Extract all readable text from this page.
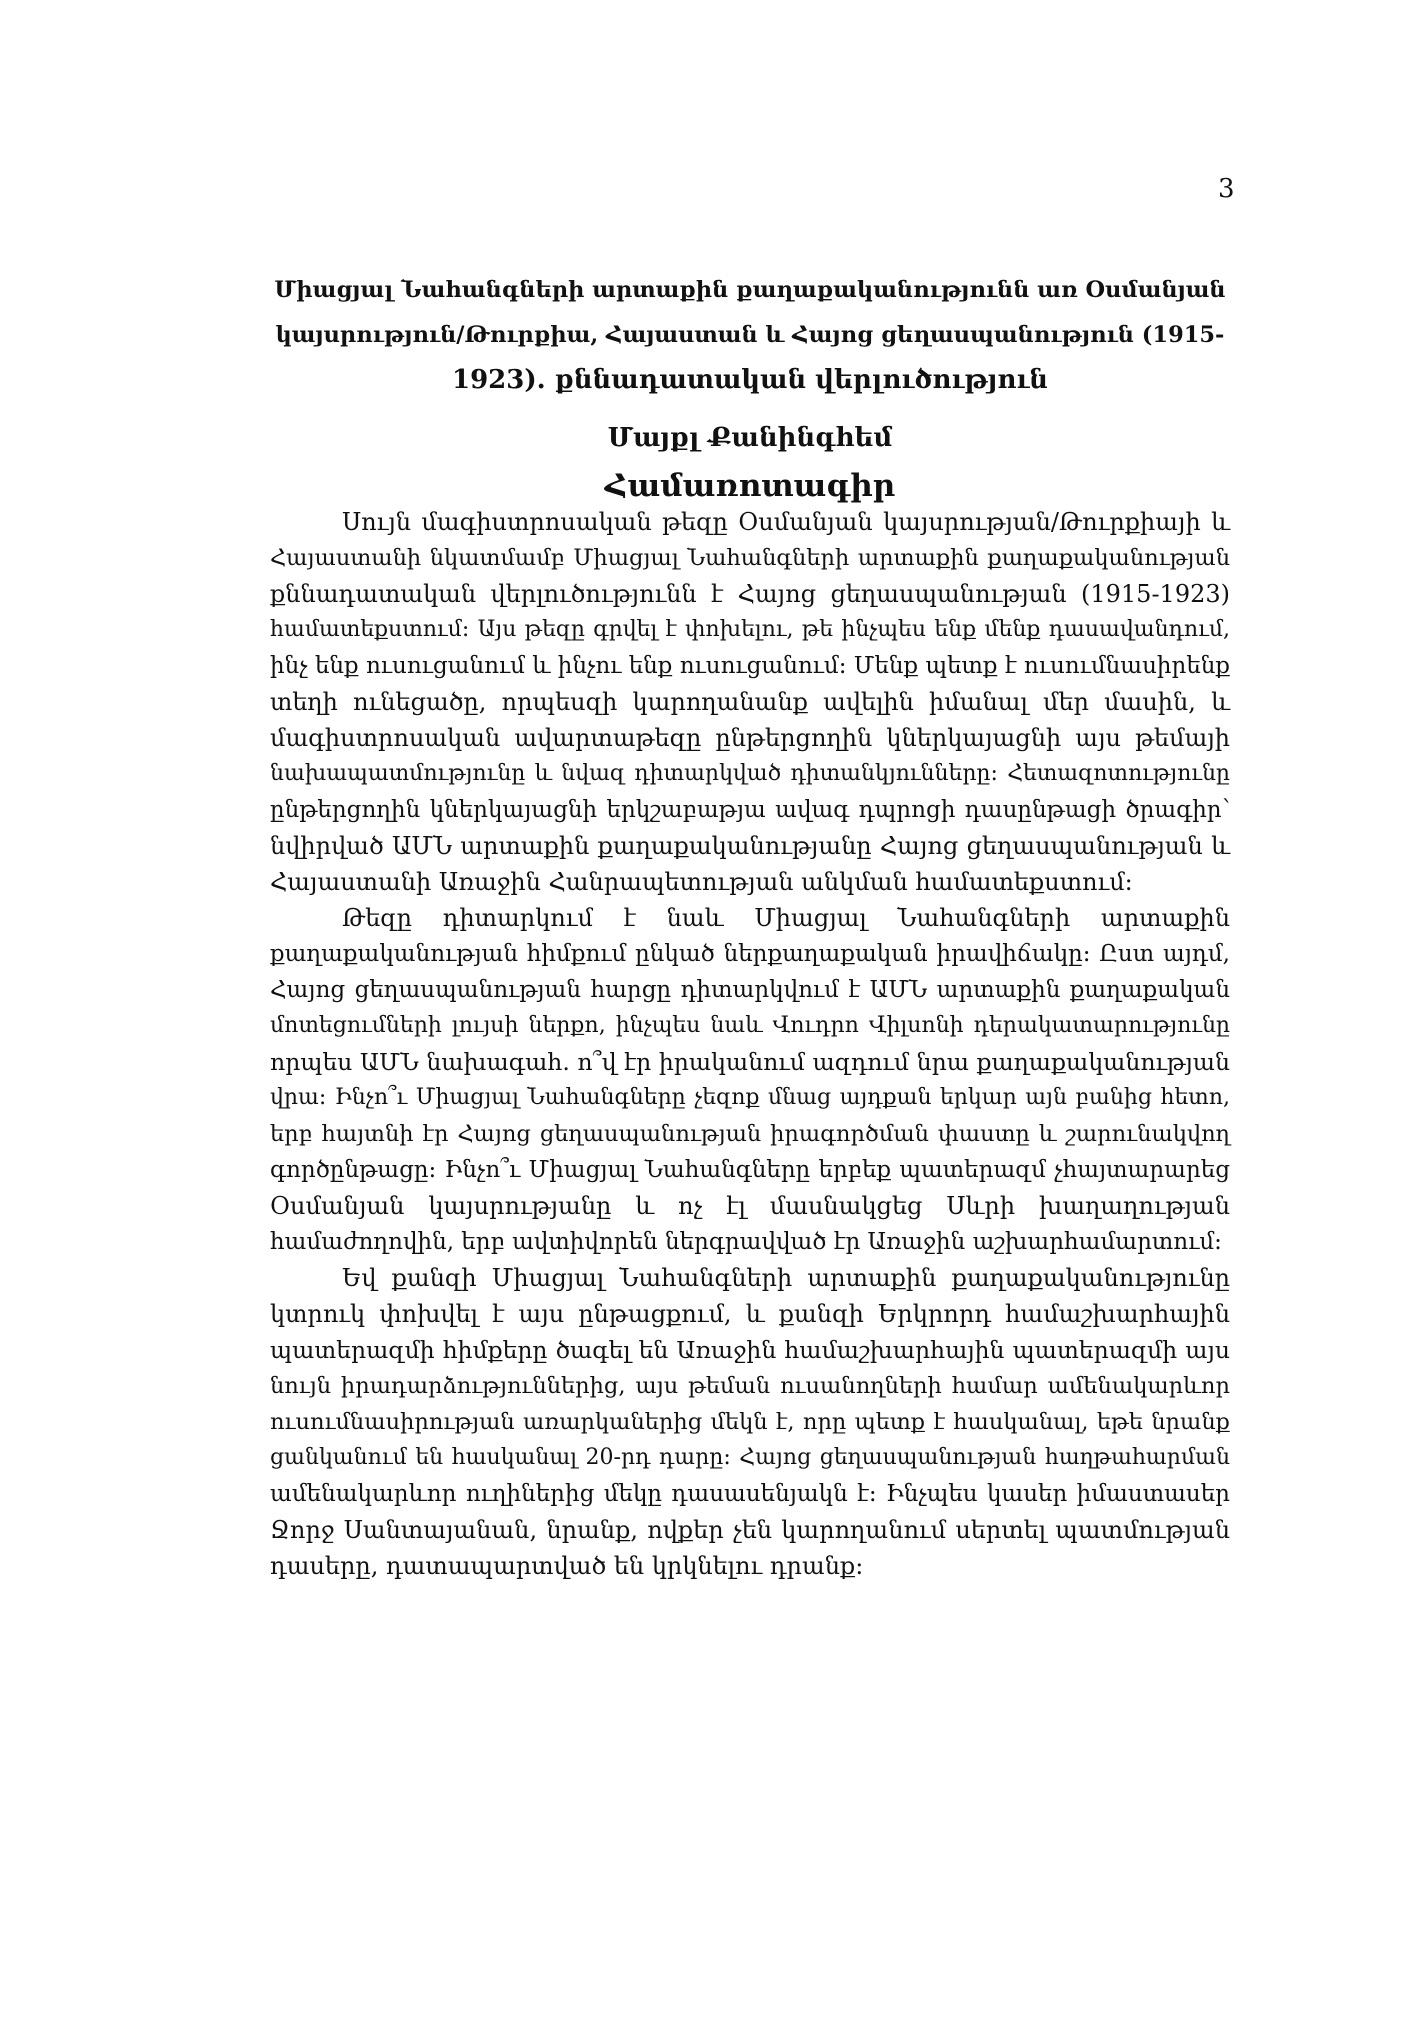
3
Միացյալ Նահանգների արտաքին քաղաքականությունն առ Օսմանյան
կայսրություն/Թուրքիա, Հայաստան և Հայոց ցեղասպանություն (1915-
1923). քննադատական վերլուծություն
Մայքլ Քանինգհեմ
Համառոտագիր
Սույն մագիստրոսական թեզը Օսմանյան կայսրության/Թուրքիայի և
Հայաստանի նկատմամբ Միացյալ Նահանգների արտաքին քաղաքականության
քննադատական վերլուծությունն է Հայոց ցեղասպանության (1915-1923)
համատեքստում: Այս թեզը գրվել է փոխելու, թե ինչպես ենք մենք դասավանդում,
ինչ ենք ուսուցանում և ինչու ենք ուսուցանում: Մենք պետք է ուսումնասիրենք
տեղի ունեցածը, որպեսզի կարողանանք ավելին իմանալ մեր մասին, և
մագիստրոսական ավարտաթեզը ընթերցողին կներկայացնի այս թեմայի
նախապատմությունը և նվազ դիտարկված դիտանկյունները: Հետազոտությունը
ընթերցողին կներկայացնի երկշաբաթյա ավագ դպրոցի դասընթացի ծրագիր՝
նվիրված ԱՄՆ արտաքին քաղաքականությանը Հայոց ցեղասպանության և
Հայաստանի Առաջին Հանրապետության անկման համատեքստում:
Թեզը դիտարկում է նաև Միացյալ Նահանգների արտաքին
քաղաքականության հիմքում ընկած ներքաղաքական իրավիճակը: Ըստ այդմ,
Հայոց ցեղասպանության հարցը դիտարկվում է ԱՄՆ արտաքին քաղաքական
մոտեցումների լույսի ներքո, ինչպես նաև Վուդրո Վիլսոնի դերակատարությունը
որպես ԱՄՆ նախագահ. ո՞վ էր իրականում ազդում նրա քաղաքականության
վրա: Ինչո՞ւ Միացյալ Նահանգները չեզոք մնաց այդքան երկար այն բանից հետո,
երբ հայտնի էր Հայոց ցեղասպանության իրագործման փաստը և շարունակվող
գործընթացը: Ինչո՞ւ Միացյալ Նահանգները երբեք պատերազմ չհայտարարեց
Օսմանյան կայսրությանը և ոչ էլ մասնակցեց Սևրի խաղաղության
համաժողովին, երբ ավտիվորեն ներգրավված էր Առաջին աշխարհամարտում:
Եվ քանզի Միացյալ Նահանգների արտաքին քաղաքականությունը
կտրուկ փոխվել է այս ընթացքում, և քանզի Երկրորդ համաշխարհային
պատերազմի հիմքերը ծագել են Առաջին համաշխարհային պատերազմի այս
նույն իրադարձություններից, այս թեման ուսանողների համար ամենակարևոր
ուսումնասիրության առարկաներից մեկն է, որը պետք է հասկանալ, եթե նրանք
ցանկանում են հասկանալ 20-րդ դարը: Հայոց ցեղասպանության հաղթահարման
ամենակարևոր ուղիներից մեկը դասասենյակն է: Ինչպես կասեր իմաստասեր
Ջորջ Սանտայանան, նրանք, ովքեր չեն կարողանում սերտել պատմության
դասերը, դատապարտված են կրկնելու դրանք:
